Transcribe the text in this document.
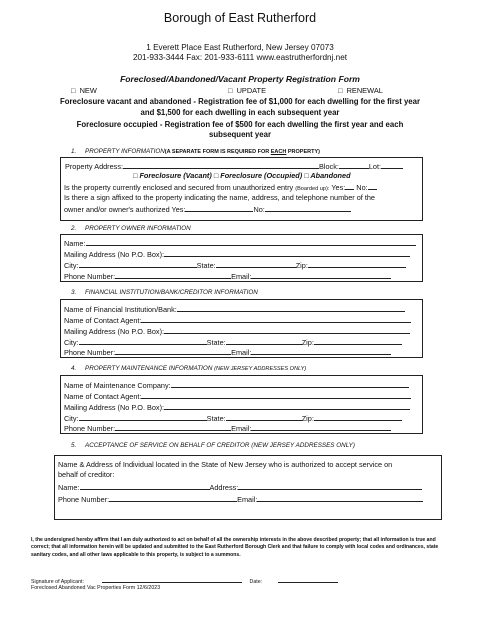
Borough of East Rutherford
1 Everett Place East Rutherford, New Jersey 07073
201-933-3444 Fax: 201-933-6111 www.eastrutherfordnj.net
Foreclosed/Abandoned/Vacant Property Registration Form
□ NEW	□ UPDATE	□ RENEWAL
Foreclosure vacant and abandoned - Registration fee of $1,000 for each dwelling for the first year
and $1,500 for each dwelling in each subsequent year
Foreclosure occupied - Registration fee of $500 for each dwelling the first year and each
subsequent year
1. PROPERTY INFORMATION(A SEPARATE FORM IS REQUIRED FOR EACH PROPERTY)
Property Address:	Block:	Lot:
□ Foreclosure (Vacant) □ Foreclosure (Occupied) □ Abandoned
Is the property currently enclosed and secured from unauthorized entry (Boarded up): Yes: No:
Is there a sign affixed to the property indicating the name, address, and telephone number of the
owner and/or owner's authorized Yes:	No:
2. PROPERTY OWNER INFORMATION
Name:
Mailing Address (No P.O. Box):
City:	State:	Zip:
Phone Number:	Email:
3. FINANCIAL INSTITUTION/BANK/CREDITOR INFORMATION
Name of Financial Institution/Bank:
Name of Contact Agent:
Mailing Address (No P.O. Box):
City:	State:	Zip:
Phone Number:	Email:
4. PROPERTY MAINTENANCE INFORMATION (NEW JERSEY ADDRESSES ONLY)
Name of Maintenance Company:
Name of Contact Agent:
Mailing Address (No P.O. Box):
City:	State:	Zip:
Phone Number:	Email:
5. ACCEPTANCE OF SERVICE ON BEHALF OF CREDITOR (NEW JERSEY ADDRESSES ONLY)
Name & Address of Individual located in the State of New Jersey who is authorized to accept service on
behalf of creditor:
Name:	Address:
Phone Number:	Email:
I, the undersigned hereby affirm that I am duly authorized to act on behalf of all the ownership interests in the above described property; that all information is true and correct; that all information herein will be updated and submitted to the East Rutherford Borough Clerk and that failure to comply with local codes and ordinances, state sanitary codes, and all other laws applicable to this property, is subject to a summons.
Signature of Applicant:	Date:
Foreclosed Abandoned Vac Properties Form 12/6/2023
